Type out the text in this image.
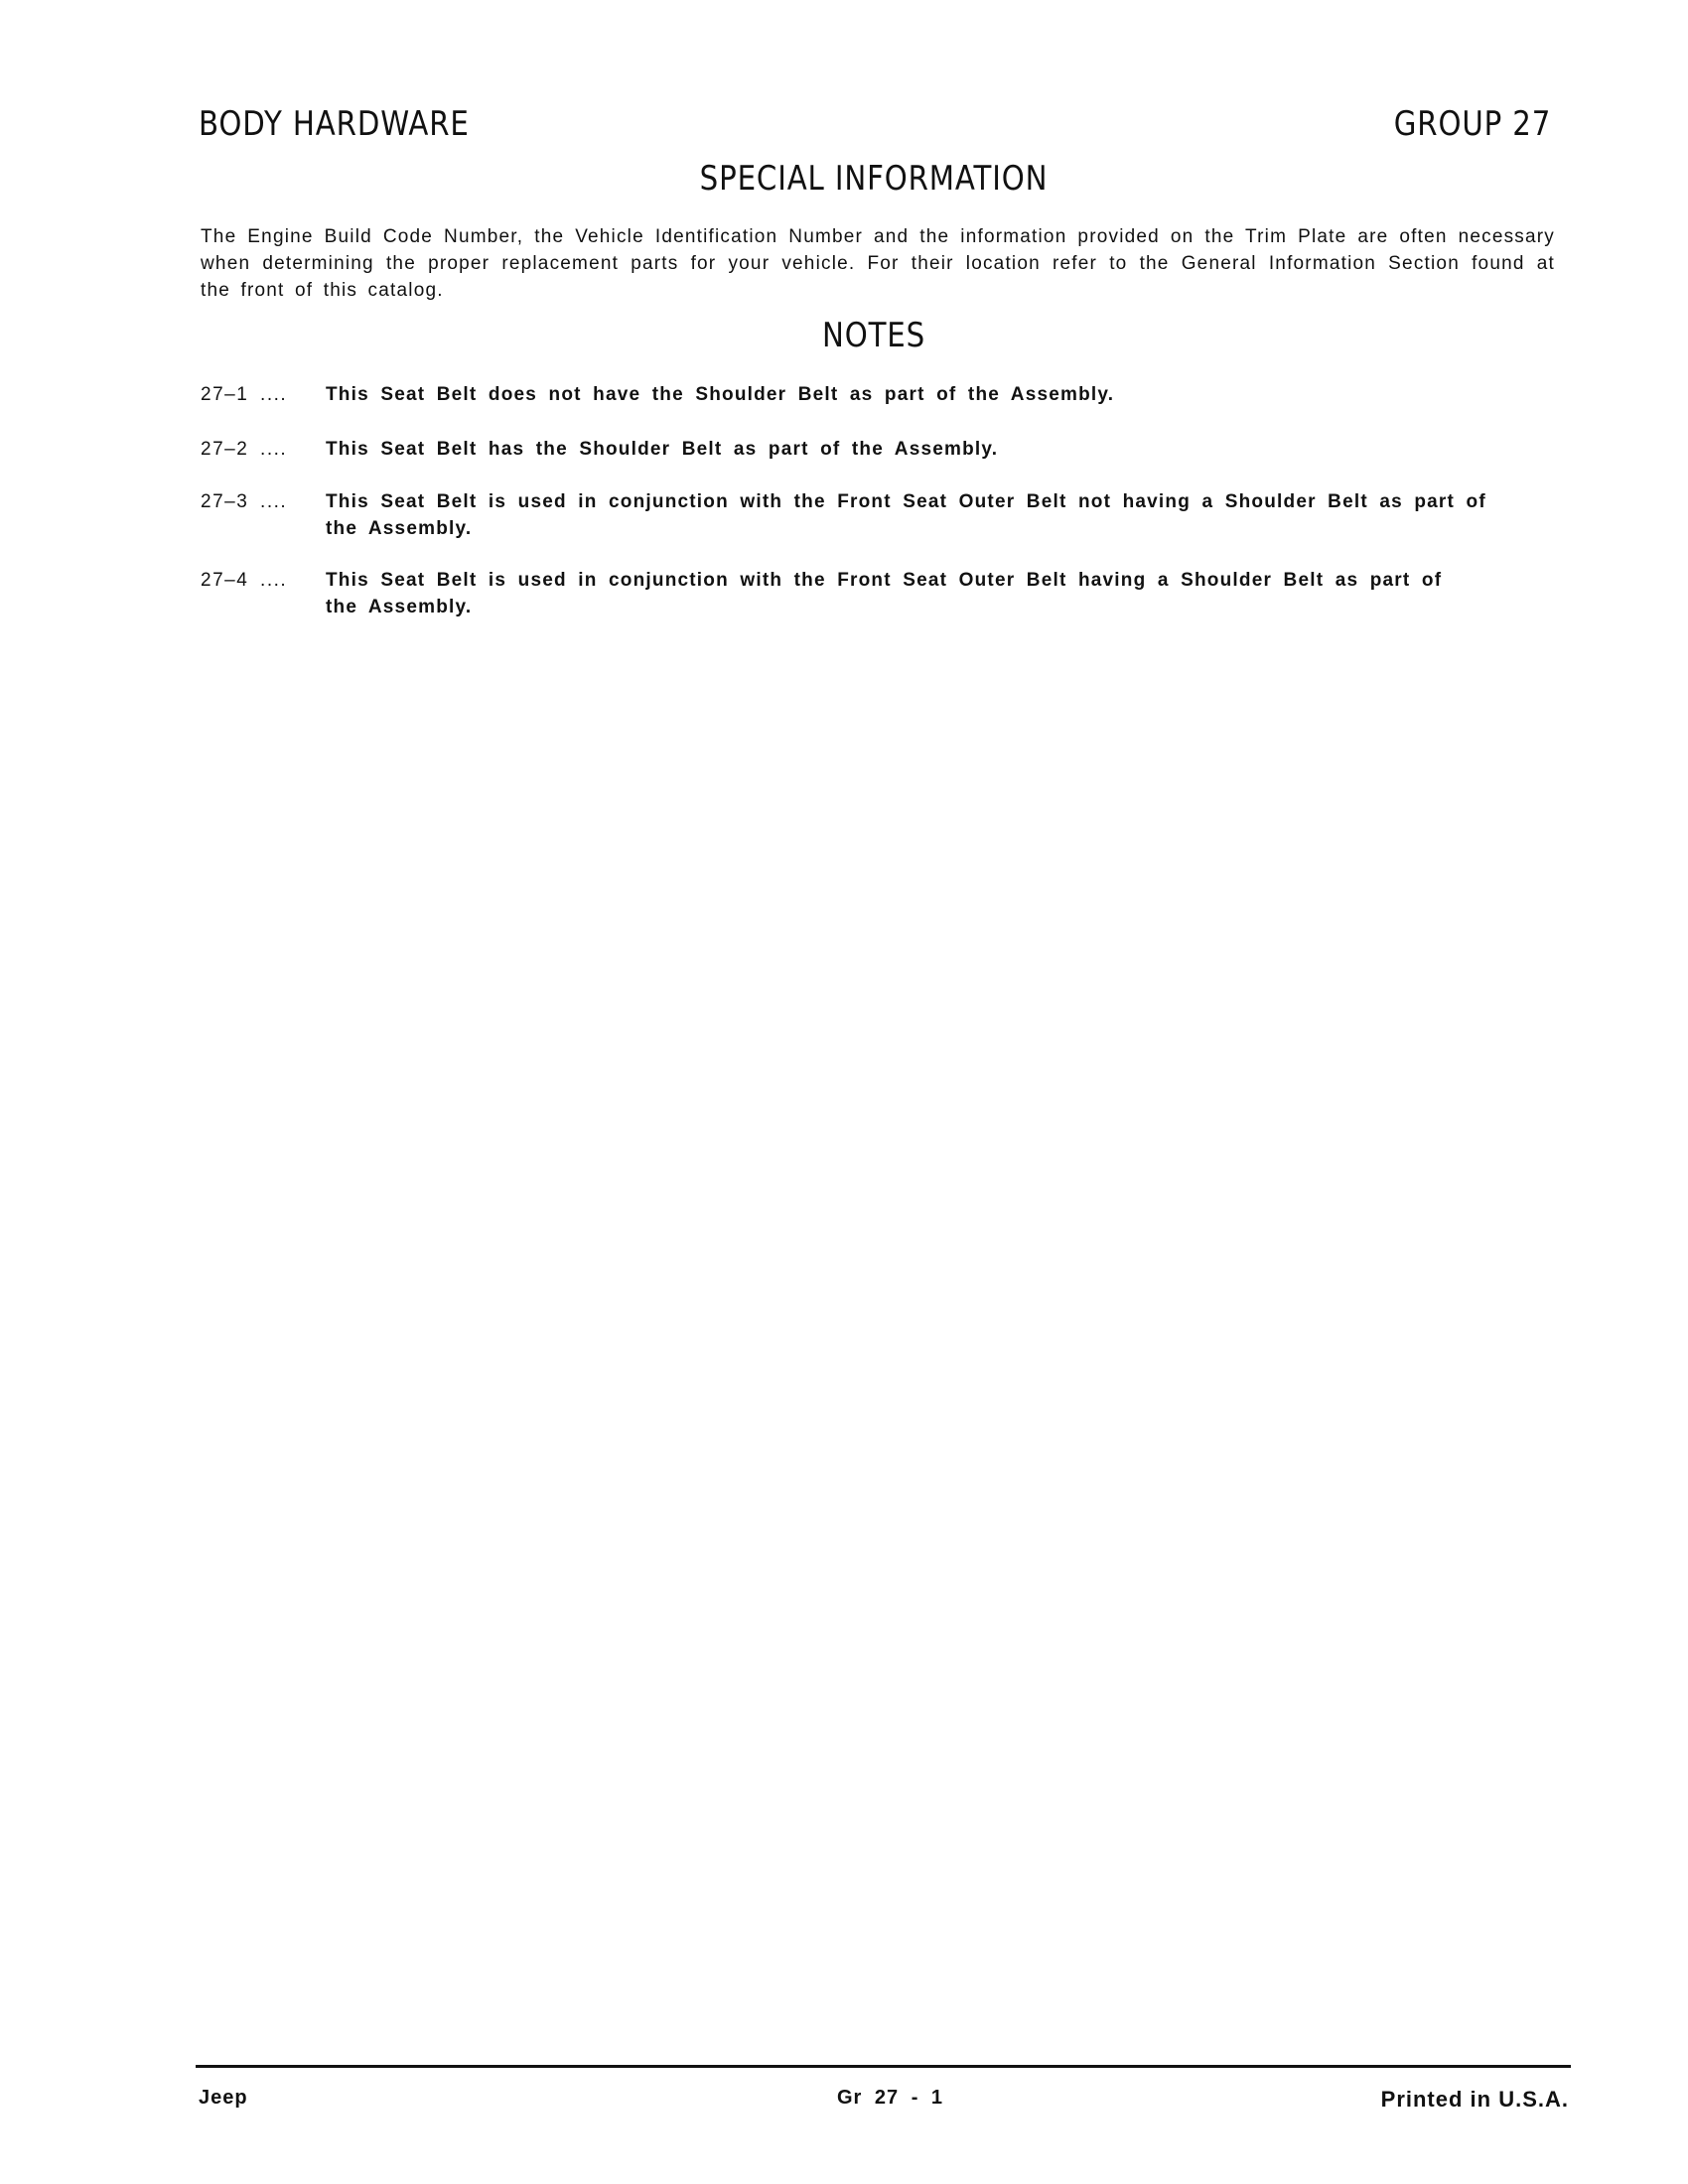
BODY HARDWARE	GROUP 27
SPECIAL INFORMATION
The Engine Build Code Number, the Vehicle Identification Number and the information provided on the Trim Plate are often necessary when determining the proper replacement parts for your vehicle. For their location refer to the General Information Section found at the front of this catalog.
NOTES
27–1 .... This Seat Belt does not have the Shoulder Belt as part of the Assembly.
27–2 .... This Seat Belt has the Shoulder Belt as part of the Assembly.
27–3 .... This Seat Belt is used in conjunction with the Front Seat Outer Belt not having a Shoulder Belt as part of the Assembly.
27–4 .... This Seat Belt is used in conjunction with the Front Seat Outer Belt having a Shoulder Belt as part of the Assembly.
Jeep	Gr 27 - 1	Printed in U.S.A.
